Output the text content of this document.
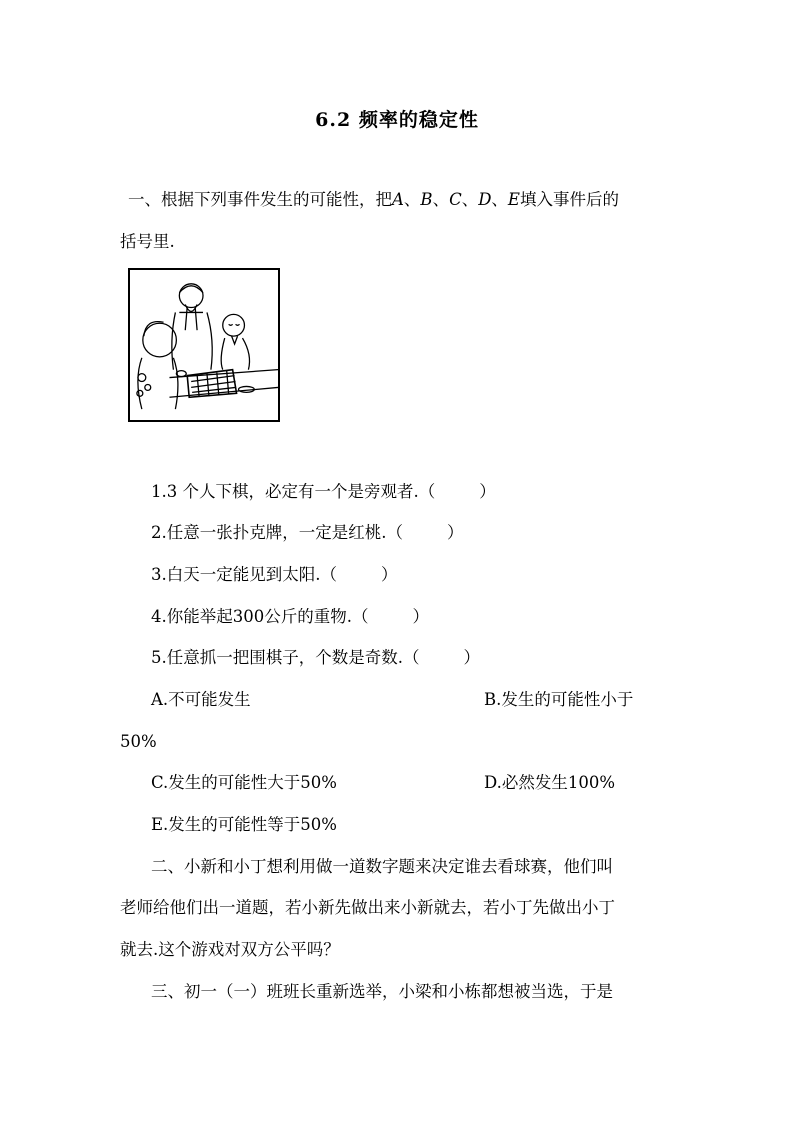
6.2 频率的稳定性
一、根据下列事件发生的可能性，把A、B、C、D、E填入事件后的
括号里.
1.3 个人下棋，必定有一个是旁观者.（	）
2.任意一张扑克牌，一定是红桃.（	）
3.白天一定能见到太阳.（	）
4.你能举起300公斤的重物.（	）
5.任意抓一把围棋子，个数是奇数.（	）
A.不可能发生	B.发生的可能性小于
50%
C.发生的可能性大于50%	D.必然发生100%
E.发生的可能性等于50%
二、小新和小丁想利用做一道数字题来决定谁去看球赛，他们叫
老师给他们出一道题，若小新先做出来小新就去，若小丁先做出小丁
就去.这个游戏对双方公平吗？
三、初一（一）班班长重新选举，小梁和小栋都想被当选，于是
